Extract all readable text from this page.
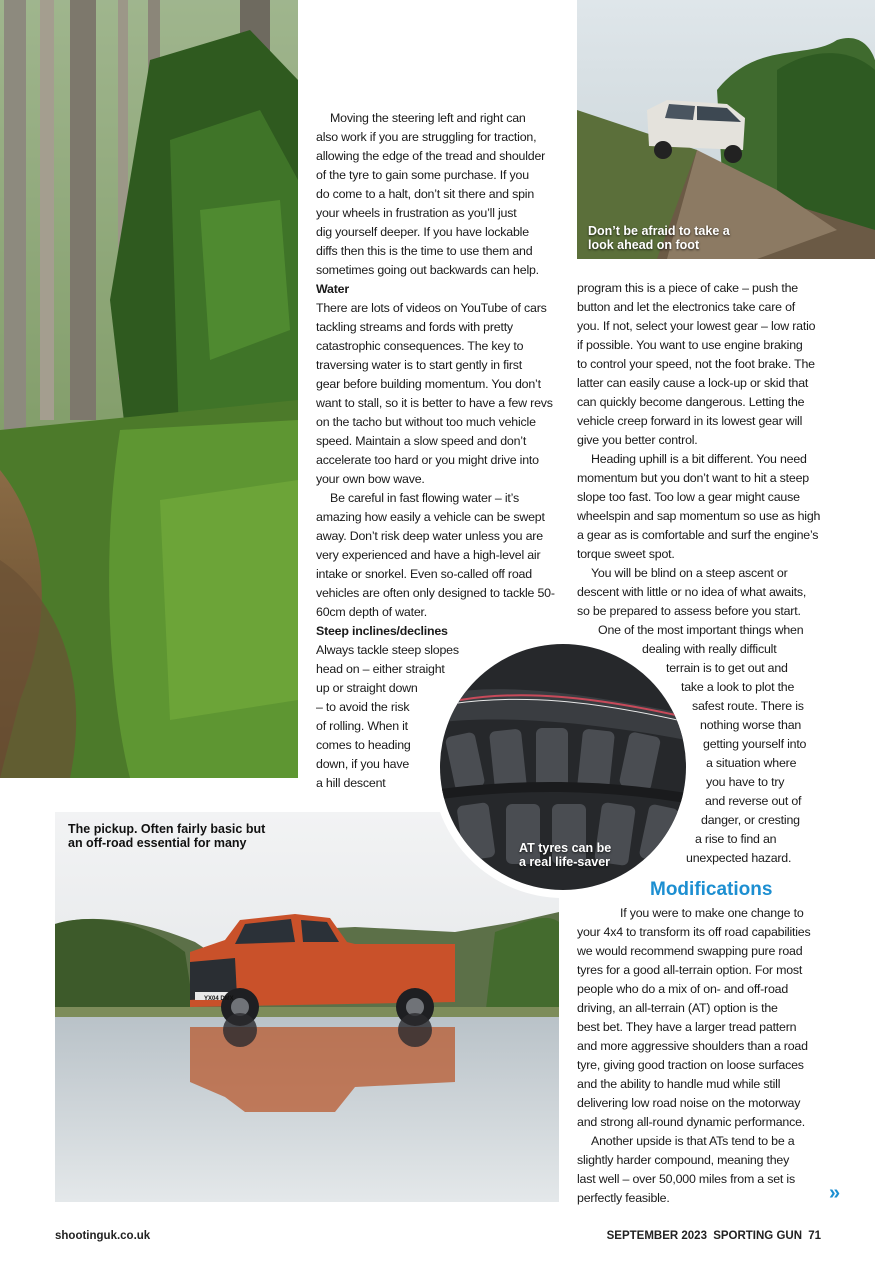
Moving the steering left and right can
also work if you are struggling for traction,
allowing the edge of the tread and shoulder
of the tyre to gain some purchase. If you
do come to a halt, don’t sit there and spin
your wheels in frustration as you’ll just
dig yourself deeper. If you have lockable
diffs then this is the time to use them and
sometimes going out backwards can help.
Water
There are lots of videos on YouTube of cars
tackling streams and fords with pretty
catastrophic consequences. The key to
traversing water is to start gently in first
gear before building momentum. You don’t
want to stall, so it is better to have a few revs
on the tacho but without too much vehicle
speed. Maintain a slow speed and don’t
accelerate too hard or you might drive into
your own bow wave.
Be careful in fast flowing water – it’s
amazing how easily a vehicle can be swept
away. Don’t risk deep water unless you are
very experienced and have a high-level air
intake or snorkel. Even so-called off road
vehicles are often only designed to tackle 50-
60cm depth of water.
Steep inclines/declines
Always tackle steep slopes
head on – either straight
up or straight down
– to avoid the risk
of rolling. When it
comes to heading
down, if you have
a hill descent
Don’t be afraid to take a
look ahead on foot
program this is a piece of cake – push the
button and let the electronics take care of
you. If not, select your lowest gear – low ratio
if possible. You want to use engine braking
to control your speed, not the foot brake. The
latter can easily cause a lock-up or skid that
can quickly become dangerous. Letting the
vehicle creep forward in its lowest gear will
give you better control.
Heading uphill is a bit different. You need
momentum but you don’t want to hit a steep
slope too fast. Too low a gear might cause
wheelspin and sap momentum so use as high
a gear as is comfortable and surf the engine’s
torque sweet spot.
You will be blind on a steep ascent or
descent with little or no idea of what awaits,
so be prepared to assess before you start.
One of the most important things when
dealing with really difficult
terrain is to get out and
take a look to plot the
safest route. There is
nothing worse than
getting yourself into
a situation where
you have to try
and reverse out of
danger, or cresting
a rise to find an
unexpected hazard.
YX04 DMX
The pickup. Often fairly basic but
an off-road essential for many	AT tyres can be
a real life-saver
Modifications
If you were to make one change to
your 4x4 to transform its off road capabilities
we would recommend swapping pure road
tyres for a good all-terrain option. For most
people who do a mix of on- and off-road
driving, an all-terrain (AT) option is the
best bet. They have a larger tread pattern
and more aggressive shoulders than a road
tyre, giving good traction on loose surfaces
and the ability to handle mud while still
delivering low road noise on the motorway
and strong all-round dynamic performance.
Another upside is that ATs tend to be a
slightly harder compound, meaning they
last well – over 50,000 miles from a set is
perfectly feasible.	»
shootinguk.co.uk	SEPTEMBER 2023 SPORTING GUN 71
